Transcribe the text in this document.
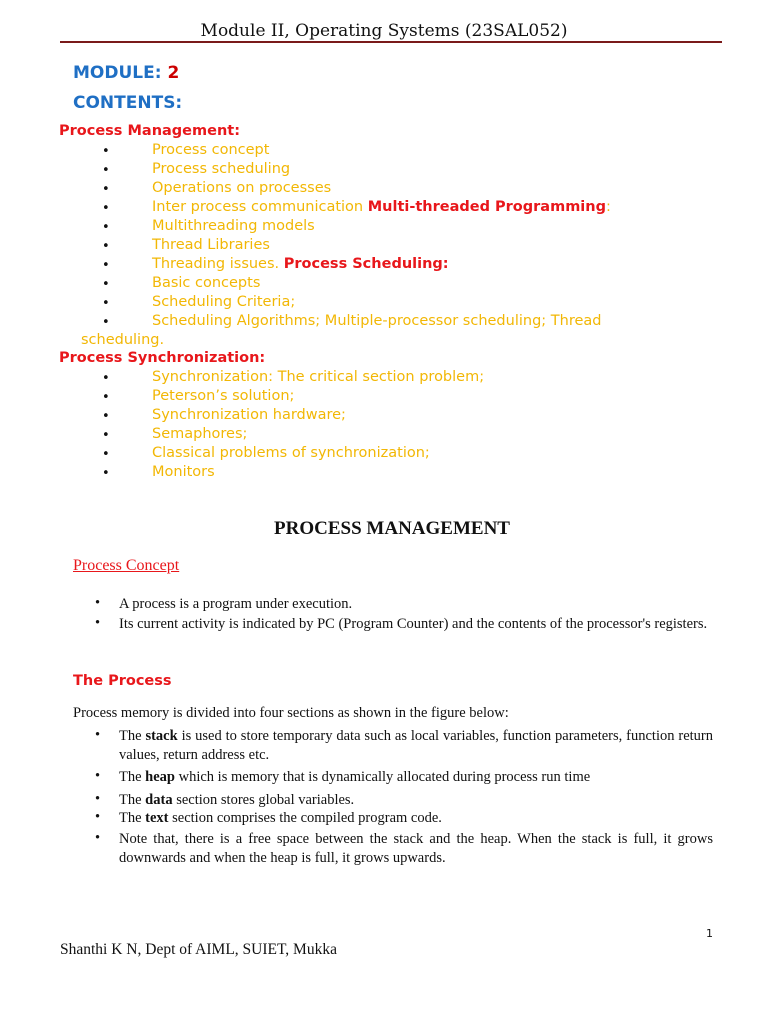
Module II, Operating Systems (23SAL052)
MODULE: 2
CONTENTS:
Process Management:
•	Process concept
•	Process scheduling
•	Operations on processes
•	Inter process communication Multi-threaded Programming:
•	Multithreading models
•	Thread Libraries
•	Threading issues. Process Scheduling:
•	Basic concepts
•	Scheduling Criteria;
•	Scheduling Algorithms; Multiple-processor scheduling; Thread
scheduling.
Process Synchronization:
•	Synchronization: The critical section problem;
•	Peterson’s solution;
•	Synchronization hardware;
•	Semaphores;
•	Classical problems of synchronization;
•	Monitors
PROCESS MANAGEMENT
Process Concept
• A process is a program under execution.
• Its current activity is indicated by PC (Program Counter) and the contents of the processor's registers.
The Process
Process memory is divided into four sections as shown in the figure below:
• The stack is used to store temporary data such as local variables, function parameters, function return values, return address etc.
• The heap which is memory that is dynamically allocated during process run time
• The data section stores global variables.
• The text section comprises the compiled program code.
• Note that, there is a free space between the stack and the heap. When the stack is full, it grows downwards and when the heap is full, it grows upwards.
1
Shanthi K N, Dept of AIML, SUIET, Mukka
